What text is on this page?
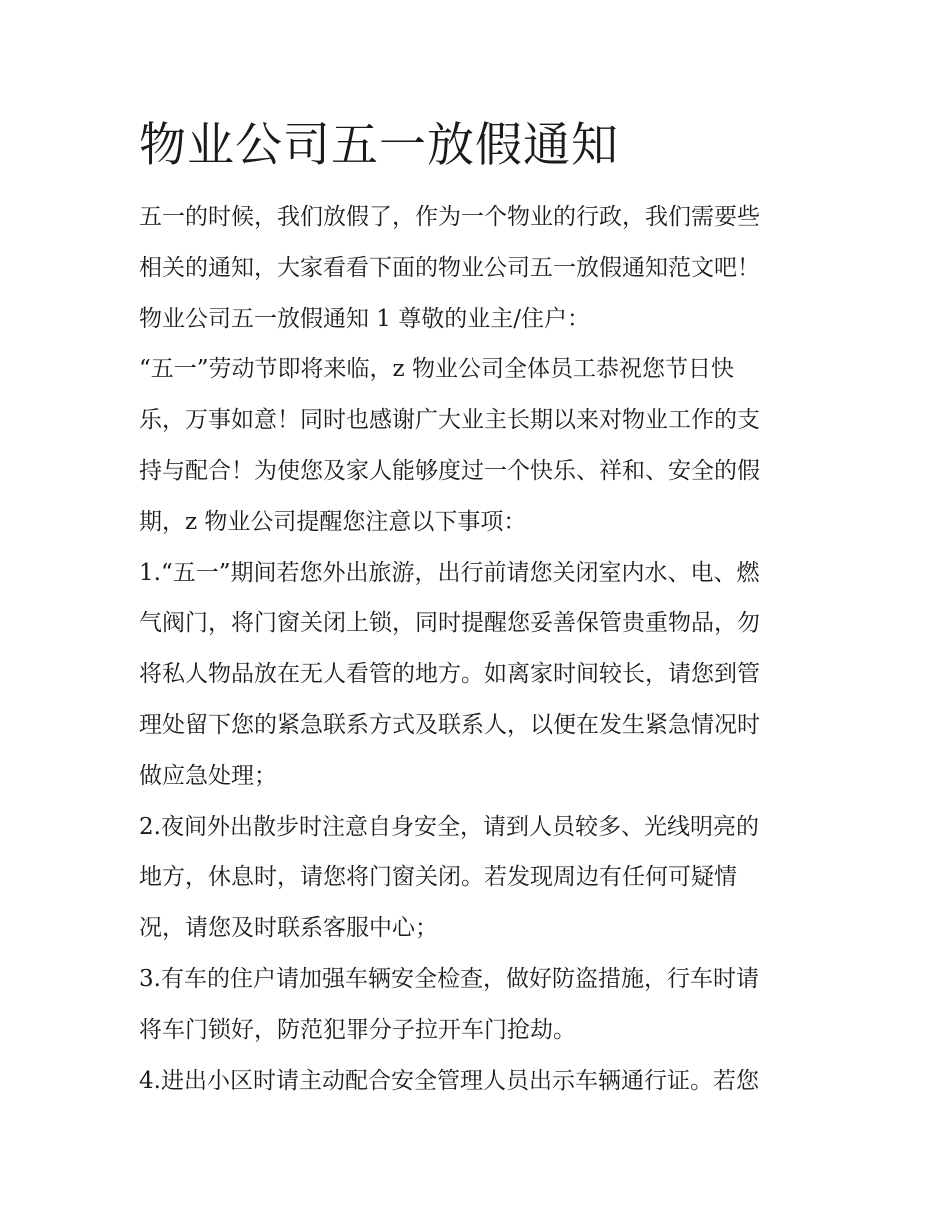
物业公司五一放假通知
五一的时候，我们放假了，作为一个物业的行政，我们需要些
相关的通知，大家看看下面的物业公司五一放假通知范文吧！
物业公司五一放假通知 1 尊敬的业主/住户：
“五一”劳动节即将来临，z 物业公司全体员工恭祝您节日快
乐，万事如意！同时也感谢广大业主长期以来对物业工作的支
持与配合！为使您及家人能够度过一个快乐、祥和、安全的假
期，z 物业公司提醒您注意以下事项：
1.“五一”期间若您外出旅游，出行前请您关闭室内水、电、燃
气阀门，将门窗关闭上锁，同时提醒您妥善保管贵重物品，勿
将私人物品放在无人看管的地方。如离家时间较长，请您到管
理处留下您的紧急联系方式及联系人，以便在发生紧急情况时
做应急处理；
2.夜间外出散步时注意自身安全，请到人员较多、光线明亮的
地方，休息时，请您将门窗关闭。若发现周边有任何可疑情
况，请您及时联系客服中心；
3.有车的住户请加强车辆安全检查，做好防盗措施，行车时请
将车门锁好，防范犯罪分子拉开车门抢劫。
4.进出小区时请主动配合安全管理人员出示车辆通行证。若您
